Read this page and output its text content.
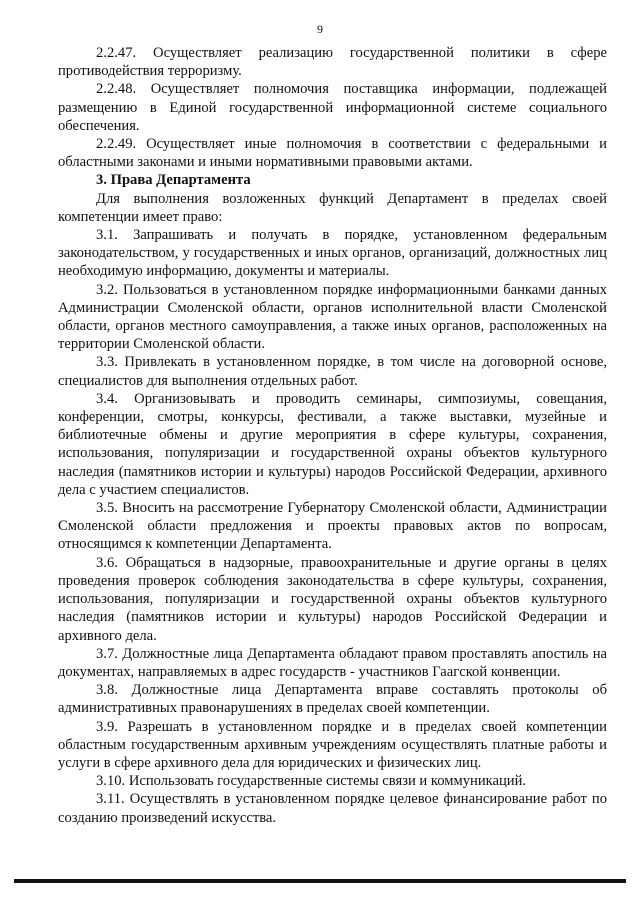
9

2.2.47. Осуществляет реализацию государственной политики в сфере противодействия терроризму.

2.2.48. Осуществляет полномочия поставщика информации, подлежащей размещению в Единой государственной информационной системе социального обеспечения.

2.2.49. Осуществляет иные полномочия в соответствии с федеральными и областными законами и иными нормативными правовыми актами.

3. Права Департамента

Для выполнения возложенных функций Департамент в пределах своей компетенции имеет право:

3.1. Запрашивать и получать в порядке, установленном федеральным законодательством, у государственных и иных органов, организаций, должностных лиц необходимую информацию, документы и материалы.

3.2. Пользоваться в установленном порядке информационными банками данных Администрации Смоленской области, органов исполнительной власти Смоленской области, органов местного самоуправления, а также иных органов, расположенных на территории Смоленской области.

3.3. Привлекать в установленном порядке, в том числе на договорной основе, специалистов для выполнения отдельных работ.

3.4. Организовывать и проводить семинары, симпозиумы, совещания, конференции, смотры, конкурсы, фестивали, а также выставки, музейные и библиотечные обмены и другие мероприятия в сфере культуры, сохранения, использования, популяризации и государственной охраны объектов культурного наследия (памятников истории и культуры) народов Российской Федерации, архивного дела с участием специалистов.

3.5. Вносить на рассмотрение Губернатору Смоленской области, Администрации Смоленской области предложения и проекты правовых актов по вопросам, относящимся к компетенции Департамента.

3.6. Обращаться в надзорные, правоохранительные и другие органы в целях проведения проверок соблюдения законодательства в сфере культуры, сохранения, использования, популяризации и государственной охраны объектов культурного наследия (памятников истории и культуры) народов Российской Федерации и архивного дела.

3.7. Должностные лица Департамента обладают правом проставлять апостиль на документах, направляемых в адрес государств - участников Гаагской конвенции.

3.8. Должностные лица Департамента вправе составлять протоколы об административных правонарушениях в пределах своей компетенции.

3.9. Разрешать в установленном порядке и в пределах своей компетенции областным государственным архивным учреждениям осуществлять платные работы и услуги в сфере архивного дела для юридических и физических лиц.

3.10. Использовать государственные системы связи и коммуникаций.

3.11. Осуществлять в установленном порядке целевое финансирование работ по созданию произведений искусства.
